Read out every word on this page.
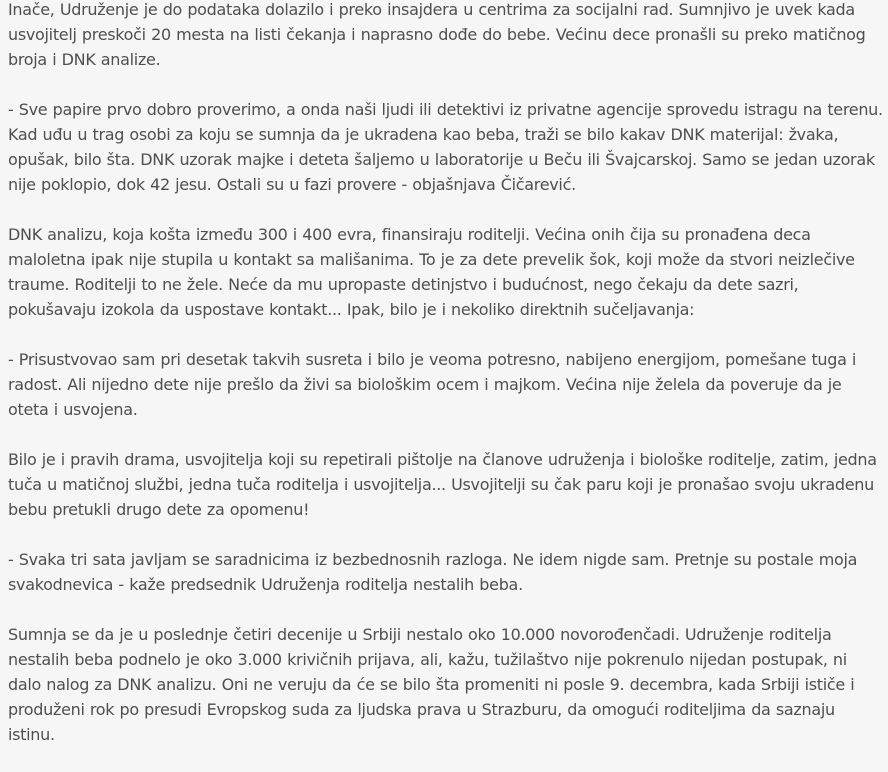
Inače, Udruženje je do podataka dolazilo i preko insajdera u centrima za socijalni rad. Sumnjivo je uvek kada usvojitelj preskoči 20 mesta na listi čekanja i naprasno dođe do bebe. Većinu dece pronašli su preko matičnog broja i DNK analize.

- Sve papire prvo dobro proverimo, a onda naši ljudi ili detektivi iz privatne agencije sprovedu istragu na terenu. Kad uđu u trag osobi za koju se sumnja da je ukradena kao beba, traži se bilo kakav DNK materijal: žvaka, opušak, bilo šta. DNK uzorak majke i deteta šaljemo u laboratorije u Beču ili Švajcarskoj. Samo se jedan uzorak nije poklopio, dok 42 jesu. Ostali su u fazi provere - objašnjava Čičarević.

DNK analizu, koja košta između 300 i 400 evra, finansiraju roditelji. Većina onih čija su pronađena deca maloletna ipak nije stupila u kontakt sa mališanima. To je za dete prevelik šok, koji može da stvori neizlečive traume. Roditelji to ne žele. Neće da mu upropaste detinjstvo i budućnost, nego čekaju da dete sazri, pokušavaju izokola da uspostave kontakt... Ipak, bilo je i nekoliko direktnih sučeljavanja:

- Prisustvovao sam pri desetak takvih susreta i bilo je veoma potresno, nabijeno energijom, pomešane tuga i radost. Ali nijedno dete nije prešlo da živi sa biološkim ocem i majkom. Većina nije želela da poveruje da je oteta i usvojena.

Bilo je i pravih drama, usvojitelja koji su repetirali pištolje na članove udruženja i biološke roditelje, zatim, jedna tuča u matičnoj službi, jedna tuča roditelja i usvojitelja... Usvojitelji su čak paru koji je pronašao svoju ukradenu bebu pretukli drugo dete za opomenu!

- Svaka tri sata javljam se saradnicima iz bezbednosnih razloga. Ne idem nigde sam. Pretnje su postale moja svakodnevica - kaže predsednik Udruženja roditelja nestalih beba.

Sumnja se da je u poslednje četiri decenije u Srbiji nestalo oko 10.000 novorođenčadi. Udruženje roditelja nestalih beba podnelo je oko 3.000 krivičnih prijava, ali, kažu, tužilaštvo nije pokrenulo nijedan postupak, ni dalo nalog za DNK analizu. Oni ne veruju da će se bilo šta promeniti ni posle 9. decembra, kada Srbiji ističe i produženi rok po presudi Evropskog suda za ljudska prava u Strazburu, da omogući roditeljima da saznaju istinu.
